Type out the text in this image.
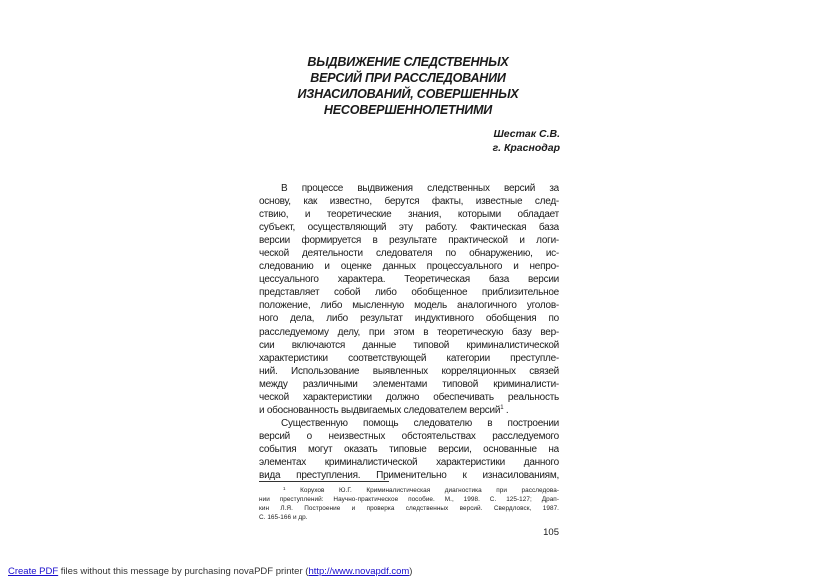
ВЫДВИЖЕНИЕ СЛЕДСТВЕННЫХ
ВЕРСИЙ ПРИ РАССЛЕДОВАНИИ
ИЗНАСИЛОВАНИЙ, СОВЕРШЕННЫХ
НЕСОВЕРШЕННОЛЕТНИМИ
Шестак С.В.
г. Краснодар
В процессе выдвижения следственных версий за
основу, как известно, берутся факты, известные след-
ствию, и теоретические знания, которыми обладает
субъект, осуществляющий эту работу. Фактическая база
версии формируется в результате практической и логи-
ческой деятельности следователя по обнаружению, ис-
следованию и оценке данных процессуального и непро-
цессуального характера. Теоретическая база версии
представляет собой либо обобщенное приблизительное
положение, либо мысленную модель аналогичного уголов-
ного дела, либо результат индуктивного обобщения по
расследуемому делу, при этом в теоретическую базу вер-
сии включаются данные типовой криминалистической
характеристики соответствующей категории преступле-
ний. Использование выявленных корреляционных связей
между различными элементами типовой криминалисти-
ческой характеристики должно обеспечивать реальность
и обоснованность выдвигаемых следователем версий$^1$ .
Существенную помощь следователю в построении
версий о неизвестных обстоятельствах расследуемого
события могут оказать типовые версии, основанные на
элементах криминалистической характеристики данного
вида преступления. Применительно к изнасилованиям,
$^1$ Корухов Ю.Г. Криминалистическая диагностика при расследова-
нии преступлений: Научно-практическое пособие. М., 1998. С. 125-127; Драп-
кин Л.Я. Построение и проверка следственных версий. Свердловск, 1987.
С. 165-166 и др.
105
Create PDF files without this message by purchasing novaPDF printer (http://www.novapdf.com)
